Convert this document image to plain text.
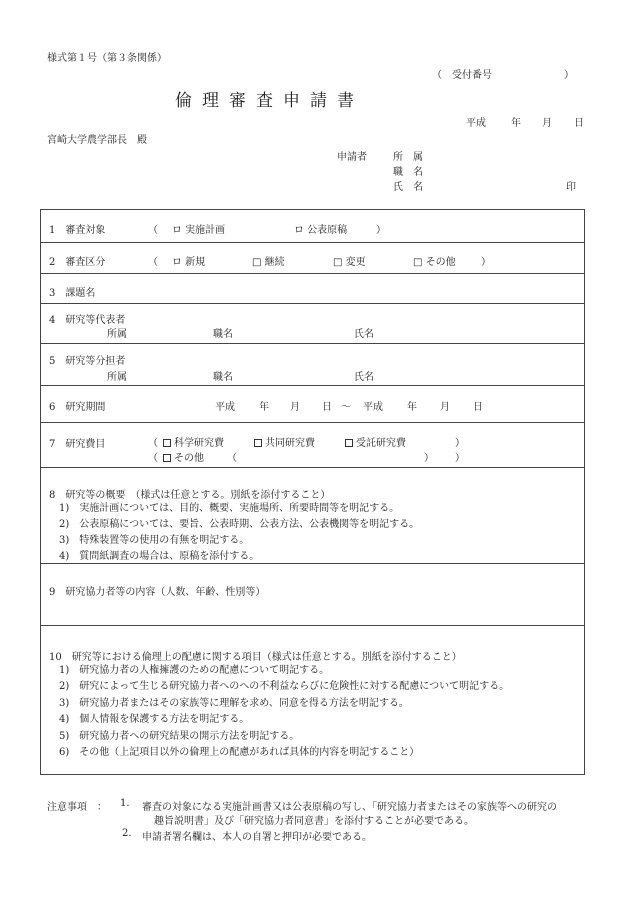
様式第１号（第３条関係）
（　受付番号	）
倫理審査申請書
平成	年 月 日
宮崎大学農学部長　殿
申請者	所　属
職　名
氏　名	印
1　審査対象	（ ロ 実施計画	ロ 公表原稿	）
2　審査区分	（ ロ 新規	□ 継続	□ 変更	□ その他	）
3　課題名
4　研究等代表者
所属	職名	氏名
5　研究等分担者
所属	職名	氏名
6　研究期間	平成 年 月 日 ～ 平成 年 月 日
7　研究費目	（	科学研究費	共同研究費	受託研究費	）
（	その他 （	） ）
8　研究等の概要　（様式は任意とする。別紙を添付すること）
1)　実施計画については、目的、概要、実施場所、所要時間等を明記する。
2)　公表原稿については、要旨、公表時期、公表方法、公表機関等を明記する。
3)　特殊装置等の使用の有無を明記する。
4)　質問紙調査の場合は、原稿を添付する。
9　研究協力者等の内容（人数、年齢、性別等）
10　研究等における倫理上の配慮に関する項目（様式は任意とする。別紙を添付すること）
1)　研究協力者の人権擁護のための配慮について明記する。
2)　研究によって生じる研究協力者へのへの不利益ならびに危険性に対する配慮について明記する。
3)　研究協力者またはその家族等に理解を求め、同意を得る方法を明記する。
4)　個人情報を保護する方法を明記する。
5)　研究協力者への研究結果の開示方法を明記する。
6)　その他（上記項目以外の倫理上の配慮があれば具体的内容を明記すること）
注意事項　： 1. 審査の対象になる実施計画書又は公表原稿の写し、「研究協力者またはその家族等への研究の
趣旨説明書」及び「研究協力者同意書」を添付することが必要である。
2. 申請者署名欄は、本人の自署と押印が必要である。
